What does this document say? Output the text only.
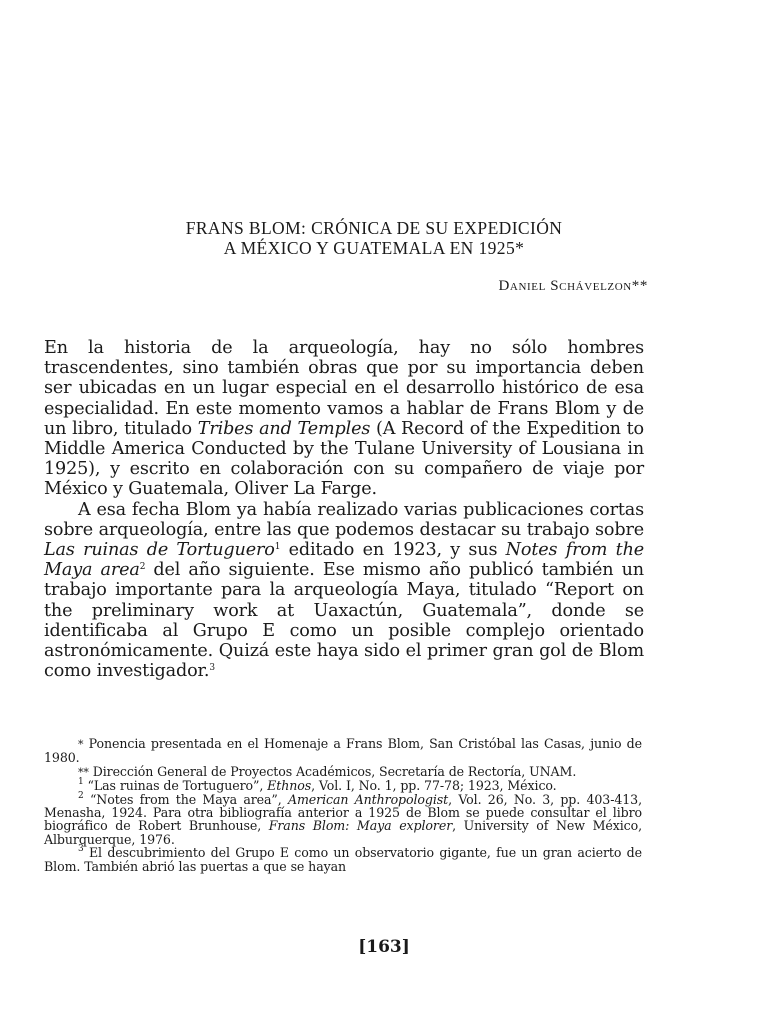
FRANS BLOM: CRÓNICA DE SU EXPEDICIÓN
A MÉXICO Y GUATEMALA EN 1925*
Daniel Schávelzon**

En la historia de la arqueología, hay no sólo hombres trascendentes, sino también obras que por su importancia deben ser ubicadas en un lugar especial en el desarrollo histórico de esa especialidad. En este momento vamos a hablar de Frans Blom y de un libro, titulado Tribes and Temples (A Record of the Expedition to Middle America Conducted by the Tulane University of Lousiana in 1925), y escrito en colaboración con su compañero de viaje por México y Guatemala, Oliver La Farge.

A esa fecha Blom ya había realizado varias publicaciones cortas sobre arqueología, entre las que podemos destacar su trabajo sobre Las ruinas de Tortuguero$^1$ editado en 1923, y sus Notes from the Maya area$^2$ del año siguiente. Ese mismo año publicó también un trabajo importante para la arqueología Maya, titulado “Report on the preliminary work at Uaxactún, Guatemala”, donde se identificaba al Grupo E como un posible complejo orientado astronómicamente. Quizá este haya sido el primer gran gol de Blom como investigador.$^3$

* Ponencia presentada en el Homenaje a Frans Blom, San Cristóbal las Casas, junio de 1980.

** Dirección General de Proyectos Académicos, Secretaría de Rectoría, UNAM.

$^1$ “Las ruinas de Tortuguero”, Ethnos, Vol. I, No. 1, pp. 77-78; 1923, México.

$^2$ “Notes from the Maya area”, American Anthropologist, Vol. 26, No. 3, pp. 403-413, Menasha, 1924. Para otra bibliografía anterior a 1925 de Blom se puede consultar el libro biográfico de Robert Brunhouse, Frans Blom: Maya explorer, University of New México, Alburquerque, 1976.

$^3$ El descubrimiento del Grupo E como un observatorio gigante, fue un gran acierto de Blom. También abrió las puertas a que se hayan

[163]
